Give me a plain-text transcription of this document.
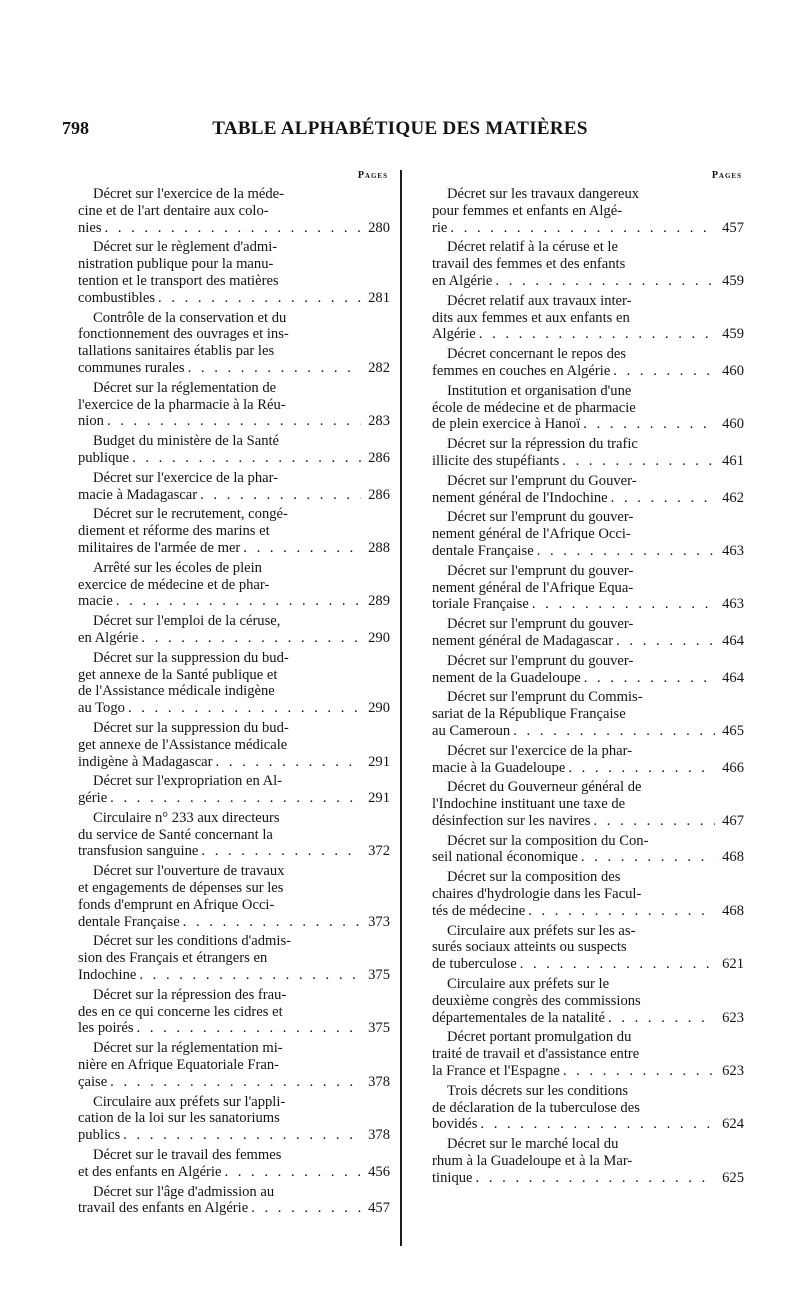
798	TABLE ALPHABÉTIQUE DES MATIÈRES
Pages	Pages
Décret sur l'exercice de la méde-
cine et de l'art dentaire aux colo-
nies . . .	280
Décret sur le règlement d'admi-
nistration publique pour la manu-
tention et le transport des matières
combustibles . . .	281
Contrôle de la conservation et du
fonctionnement des ouvrages et ins-
tallations sanitaires établis par les
communes rurales . . .	282
Décret sur la réglementation de
l'exercice de la pharmacie à la Réu-
nion . . .	283
Budget du ministère de la Santé
publique . . .	286
Décret sur l'exercice de la phar-
macie à Madagascar . . .	286
Décret sur le recrutement, congé-
diement et réforme des marins et
militaires de l'armée de mer . . .	288
Arrêté sur les écoles de plein
exercice de médecine et de phar-
macie . . .	289
Décret sur l'emploi de la céruse,
en Algérie . . .	290
Décret sur la suppression du bud-
get annexe de la Santé publique et
de l'Assistance médicale indigène
au Togo . . .	290
Décret sur la suppression du bud-
get annexe de l'Assistance médicale
indigène à Madagascar . . .	291
Décret sur l'expropriation en Al-
gérie . . .	291
Circulaire n° 233 aux directeurs
du service de Santé concernant la
transfusion sanguine . . .	372
Décret sur l'ouverture de travaux
et engagements de dépenses sur les
fonds d'emprunt en Afrique Occi-
dentale Française . . .	373
Décret sur les conditions d'admis-
sion des Français et étrangers en
Indochine . . .	375
Décret sur la répression des frau-
des en ce qui concerne les cidres et
les poirés . . .	375
Décret sur la réglementation mi-
nière en Afrique Equatoriale Fran-
çaise . . .	378
Circulaire aux préfets sur l'appli-
cation de la loi sur les sanatoriums
publics . . .	378
Décret sur le travail des femmes
et des enfants en Algérie . . .	456
Décret sur l'âge d'admission au
travail des enfants en Algérie . . .	457
Décret sur les travaux dangereux
pour femmes et enfants en Algé-
rie . . .	457
Décret relatif à la céruse et le
travail des femmes et des enfants
en Algérie . . .	459
Décret relatif aux travaux inter-
dits aux femmes et aux enfants en
Algérie . . .	459
Décret concernant le repos des
femmes en couches en Algérie . . .	460
Institution et organisation d'une
école de médecine et de pharmacie
de plein exercice à Hanoï . . .	460
Décret sur la répression du trafic
illicite des stupéfiants . . .	461
Décret sur l'emprunt du Gouver-
nement général de l'Indochine . . .	462
Décret sur l'emprunt du gouver-
nement général de l'Afrique Occi-
dentale Française . . .	463
Décret sur l'emprunt du gouver-
nement général de l'Afrique Equa-
toriale Française . . .	463
Décret sur l'emprunt du gouver-
nement général de Madagascar . . .	464
Décret sur l'emprunt du gouver-
nement de la Guadeloupe . . .	464
Décret sur l'emprunt du Commis-
sariat de la République Française
au Cameroun . . .	465
Décret sur l'exercice de la phar-
macie à la Guadeloupe . . .	466
Décret du Gouverneur général de
l'Indochine instituant une taxe de
désinfection sur les navires . . .	467
Décret sur la composition du Con-
seil national économique . . .	468
Décret sur la composition des
chaires d'hydrologie dans les Facul-
tés de médecine . . .	468
Circulaire aux préfets sur les as-
surés sociaux atteints ou suspects
de tuberculose . . .	621
Circulaire aux préfets sur le
deuxième congrès des commissions
départementales de la natalité . . .	623
Décret portant promulgation du
traité de travail et d'assistance entre
la France et l'Espagne . . .	623
Trois décrets sur les conditions
de déclaration de la tuberculose des
bovidés . . .	624
Décret sur le marché local du
rhum à la Guadeloupe et à la Mar-
tinique . . .	625
